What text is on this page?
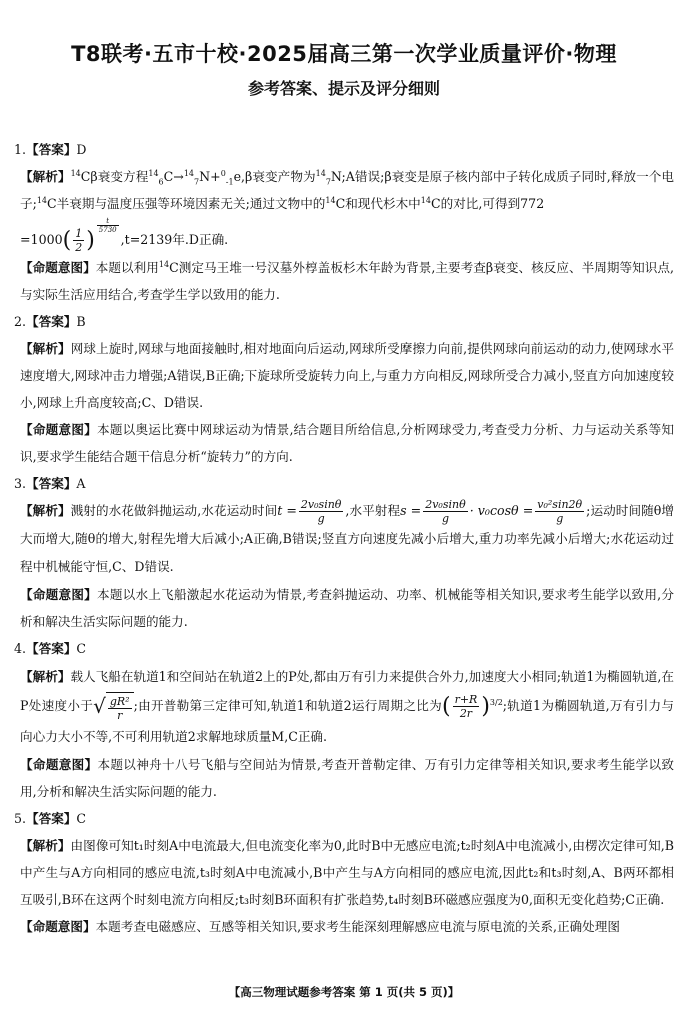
T8联考·五市十校·2025届高三第一次学业质量评价·物理
参考答案、提示及评分细则

1.【答案】D

【解析】$^{14}$Cβ衰变方程$^{14}_6$C→$^{14}_7$N+$^0_{-1}$e,β衰变产物为$^{14}_7$N;A错误;β衰变是原子核内部中子转化成质子同时,释放一个电子;$^{14}$C半衰期与温度压强等环境因素无关;通过文物中的$^{14}$C和现代杉木中$^{14}$C的对比,可得到772
$=1000( \frac{1}{2}$ )
$^{\frac{t}{5730}}$
,t=2139年.D正确.

【命题意图】本题以利用$^{14}$C测定马王堆一号汉墓外椁盖板杉木年龄为背景,主要考查β衰变、核反应、半周期等知识点,与实际生活应用结合,考查学生学以致用的能力.

2.【答案】B

【解析】网球上旋时,网球与地面接触时,相对地面向后运动,网球所受摩擦力向前,提供网球向前运动的动力,使网球水平速度增大,网球冲击力增强;A错误,B正确;下旋球所受旋转力向上,与重力方向相反,网球所受合力减小,竖直方向加速度较小,网球上升高度较高;C、D错误.

【命题意图】本题以奥运比赛中网球运动为情景,结合题目所给信息,分析网球受力,考查受力分析、力与运动关系等知识,要求学生能结合题干信息分析“旋转力”的方向.

3.【答案】A

【解析】溅射的水花做斜抛运动,水花运动时间$t = \frac{\text{2v₀sinθ}}{g}$ ,水平射程$s = \frac{\text{2v₀sinθ}}{g} \cdot v_0\cos\theta = \frac{\text{v₀²sin2θ}}{g}$ ;运动时间随θ增大而增大,随θ的增大,射程先增大后减小;A正确,B错误;竖直方向速度先减小后增大,重力功率先减小后增大;水花运动过程中机械能守恒,C、D错误.

【命题意图】本题以水上飞船激起水花运动为情景,考查斜抛运动、功率、机械能等相关知识,要求考生能学以致用,分析和解决生活实际问题的能力.

4.【答案】C

【解析】载人飞船在轨道1和空间站在轨道2上的P处,都由万有引力来提供合外力,加速度大小相同;轨道1为椭圆轨道,在P处速度小于√ $\frac{\text{gR²}}{r}$ ;由开普勒第三定律可知,轨道1和轨道2运行周期之比为( $\frac{r+R}{2r} )^{3/2}$;轨道1为椭圆轨道,万有引力与向心力大小不等,不可利用轨道2求解地球质量M,C正确.

【命题意图】本题以神舟十八号飞船与空间站为情景,考查开普勒定律、万有引力定律等相关知识,要求考生能学以致用,分析和解决生活实际问题的能力.

5.【答案】C

【解析】由图像可知t₁时刻A中电流最大,但电流变化率为0,此时B中无感应电流;t₂时刻A中电流减小,由楞次定律可知,B中产生与A方向相同的感应电流,t₃时刻A中电流减小,B中产生与A方向相同的感应电流,因此t₂和t₃时刻,A、B两环都相互吸引,B环在这两个时刻电流方向相反;t₃时刻B环面积有扩张趋势,t₄时刻B环磁感应强度为0,面积无变化趋势;C正确.

【命题意图】本题考查电磁感应、互感等相关知识,要求考生能深刻理解感应电流与原电流的关系,正确处理图

【高三物理试题参考答案 第 1 页(共 5 页)】
